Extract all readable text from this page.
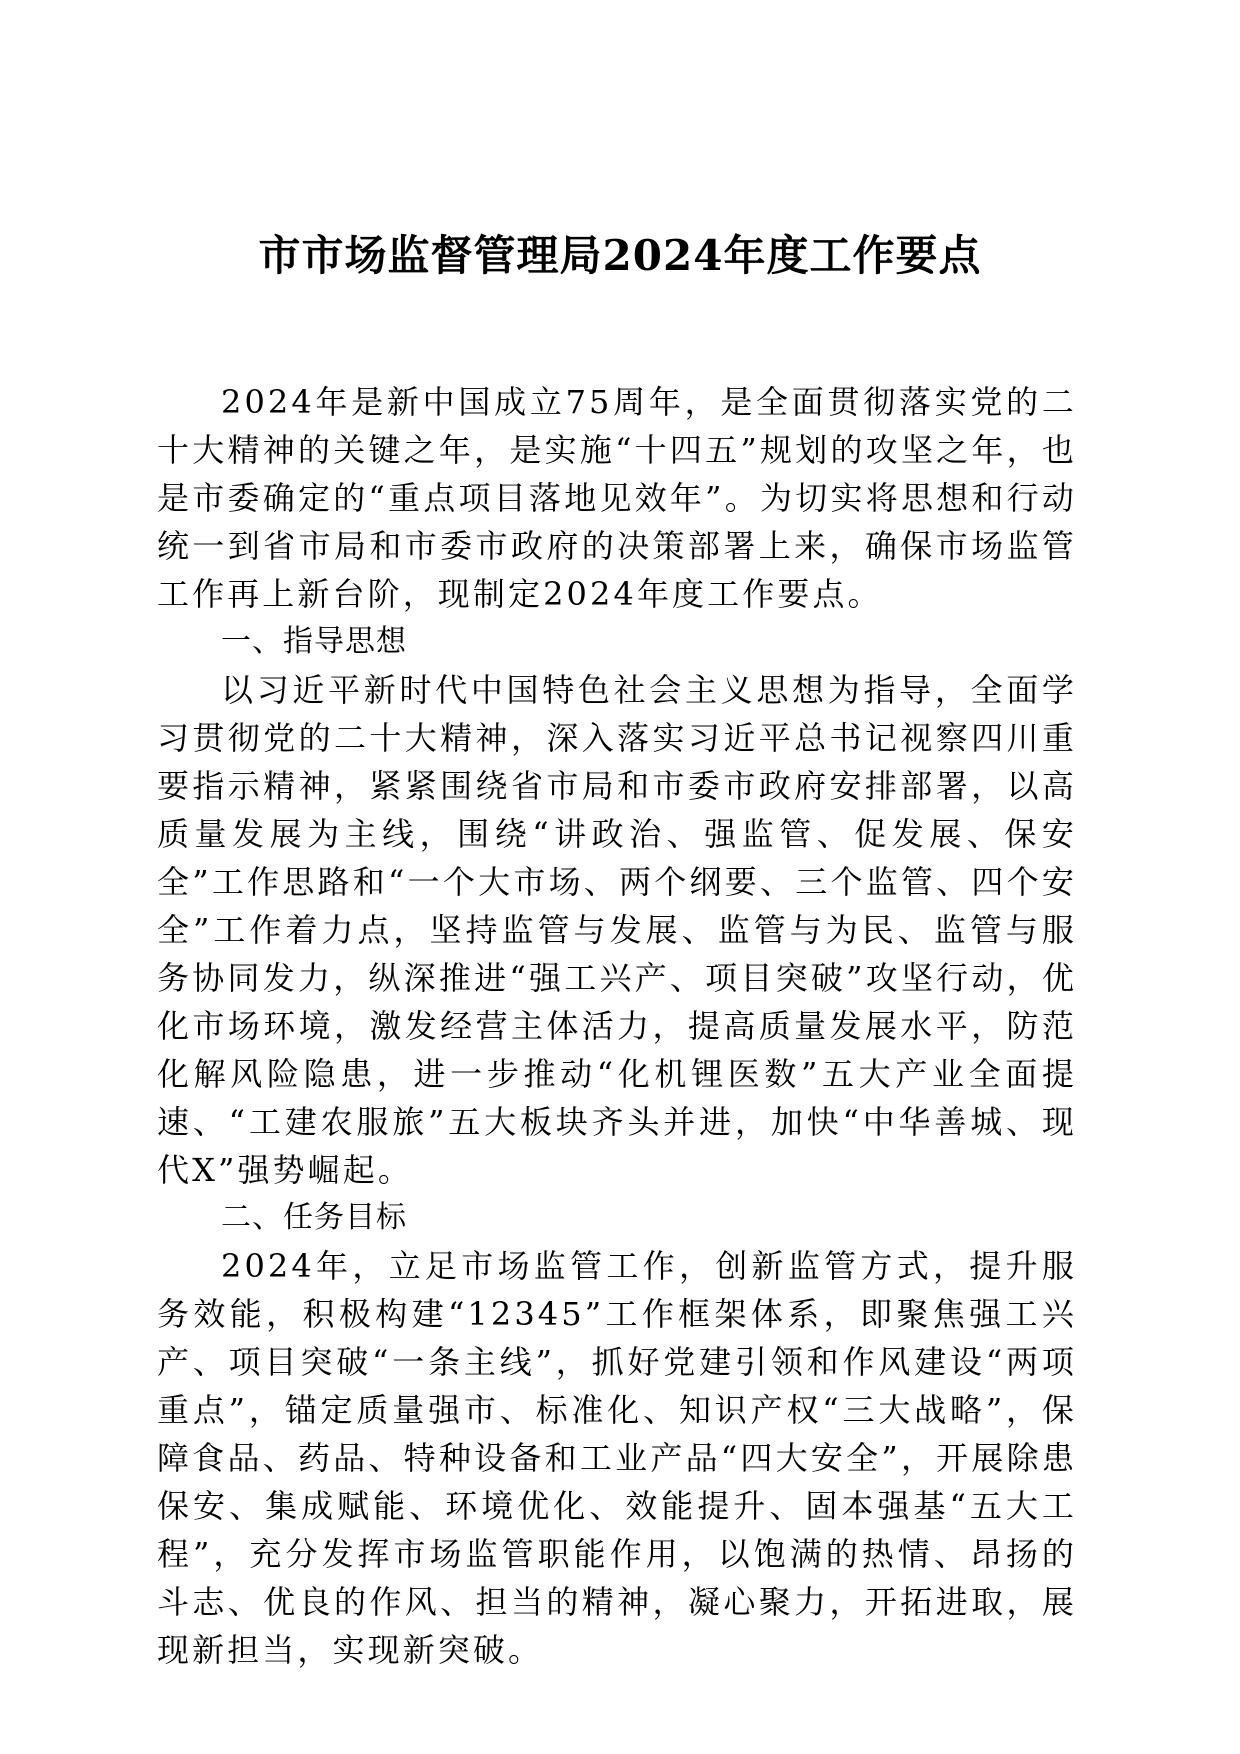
市市场监督管理局2024年度工作要点

2024年是新中国成立75周年，是全面贯彻落实党的二十大精神的关键之年，是实施“十四五”规划的攻坚之年，也是市委确定的“重点项目落地见效年”。为切实将思想和行动统一到省市局和市委市政府的决策部署上来，确保市场监管工作再上新台阶，现制定2024年度工作要点。

一、指导思想

以习近平新时代中国特色社会主义思想为指导，全面学习贯彻党的二十大精神，深入落实习近平总书记视察四川重要指示精神，紧紧围绕省市局和市委市政府安排部署，以高质量发展为主线，围绕“讲政治、强监管、促发展、保安全”工作思路和“一个大市场、两个纲要、三个监管、四个安全”工作着力点，坚持监管与发展、监管与为民、监管与服务协同发力，纵深推进“强工兴产、项目突破”攻坚行动，优化市场环境，激发经营主体活力，提高质量发展水平，防范化解风险隐患，进一步推动“化机锂医数”五大产业全面提速、“工建农服旅”五大板块齐头并进，加快“中华善城、现代X”强势崛起。

二、任务目标

2024年，立足市场监管工作，创新监管方式，提升服务效能，积极构建“12345”工作框架体系，即聚焦强工兴产、项目突破“一条主线”，抓好党建引领和作风建设“两项重点”，锚定质量强市、标准化、知识产权“三大战略”，保障食品、药品、特种设备和工业产品“四大安全”，开展除患保安、集成赋能、环境优化、效能提升、固本强基“五大工程”，充分发挥市场监管职能作用，以饱满的热情、昂扬的斗志、优良的作风、担当的精神，凝心聚力，开拓进取，展现新担当，实现新突破。
